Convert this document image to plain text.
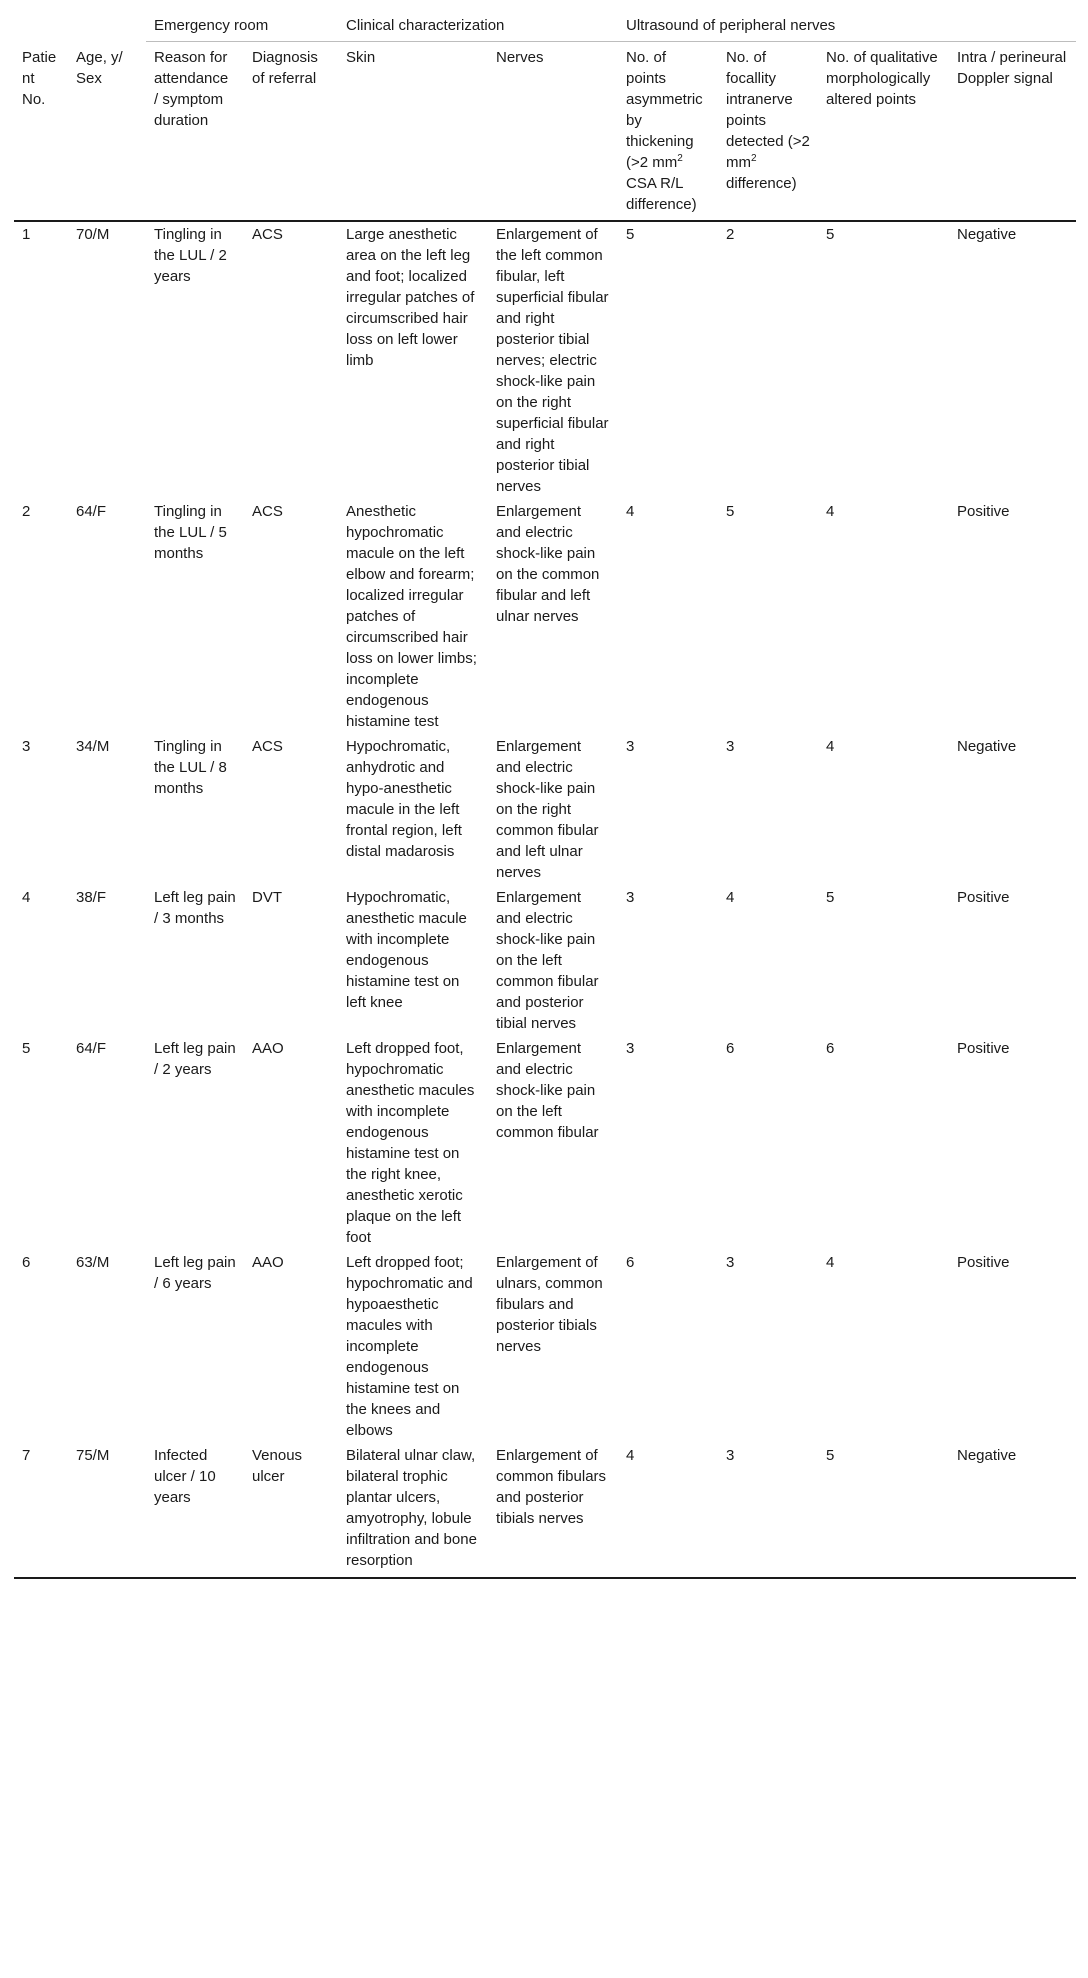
		Emergency room		Clinical characterization		Ultrasound of peripheral nerves			
Patient No.	Age, y/ Sex	Reason for attendance / symptom duration	Diagnosis of referral	Skin	Nerves	No. of points asymmetric by thickening (>2 $mm^2$ CSA R/L difference)	No. of focallity intranerve points detected (>2 $mm^2$ difference)	No. of qualitative morphologically altered points	Intra / perineural Doppler signal
1	70/M	Tingling in the LUL / 2 years	ACS	Large anesthetic area on the left leg and foot; localized irregular patches of circumscribed hair loss on left lower limb	Enlargement of the left common fibular, left superficial fibular and right posterior tibial nerves; electric shock-like pain on the right superficial fibular and right posterior tibial nerves	5	2	5	Negative
2	64/F	Tingling in the LUL / 5 months	ACS	Anesthetic hypochromatic macule on the left elbow and forearm; localized irregular patches of circumscribed hair loss on lower limbs; incomplete endogenous histamine test	Enlargement and electric shock-like pain on the common fibular and left ulnar nerves	4	5	4	Positive
3	34/M	Tingling in the LUL / 8 months	ACS	Hypochromatic, anhydrotic and hypo-anesthetic macule in the left frontal region, left distal madarosis	Enlargement and electric shock-like pain on the right common fibular and left ulnar nerves	3	3	4	Negative
4	38/F	Left leg pain / 3 months	DVT	Hypochromatic, anesthetic macule with incomplete endogenous histamine test on left knee	Enlargement and electric shock-like pain on the left common fibular and posterior tibial nerves	3	4	5	Positive
5	64/F	Left leg pain / 2 years	AAO	Left dropped foot, hypochromatic anesthetic macules with incomplete endogenous histamine test on the right knee, anesthetic xerotic plaque on the left foot	Enlargement and electric shock-like pain on the left common fibular	3	6	6	Positive
6	63/M	Left leg pain / 6 years	AAO	Left dropped foot; hypochromatic and hypoaesthetic macules with incomplete endogenous histamine test on the knees and elbows	Enlargement of ulnars, common fibulars and posterior tibials nerves	6	3	4	Positive
7	75/M	Infected ulcer / 10 years	Venous ulcer	Bilateral ulnar claw, bilateral trophic plantar ulcers, amyotrophy, lobule infiltration and bone resorption	Enlargement of common fibulars and posterior tibials nerves	4	3	5	Negative
